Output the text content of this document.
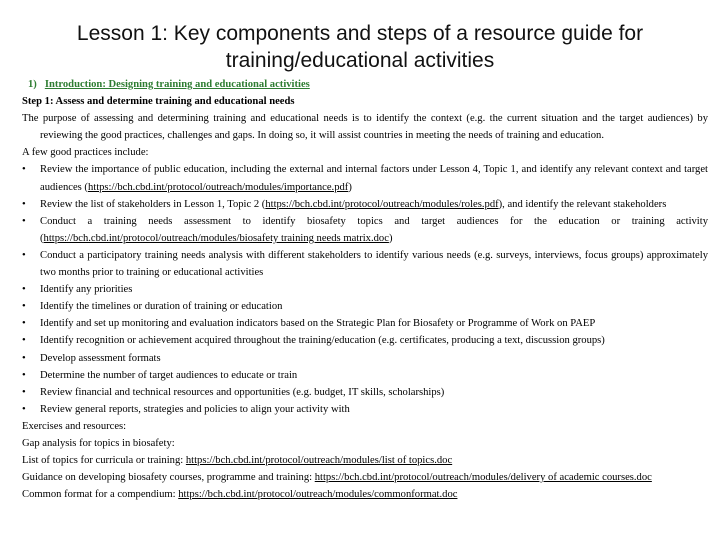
Lesson 1: Key components and steps of a resource guide for training/educational activities
1) Introduction: Designing training and educational activities

Step 1: Assess and determine training and educational needs

The purpose of assessing and determining training and educational needs is to identify the context (e.g. the current situation and the target audiences) by reviewing the good practices, challenges and gaps. In doing so, it will assist countries in meeting the needs of training and education.

A few good practices include:

•	Review the importance of public education, including the external and internal factors under Lesson 4, Topic 1, and identify any relevant context and target audiences (https://bch.cbd.int/protocol/outreach/modules/importance.pdf)
•	Review the list of stakeholders in Lesson 1, Topic 2 (https://bch.cbd.int/protocol/outreach/modules/roles.pdf), and identify the relevant stakeholders
•	Conduct a training needs assessment to identify biosafety topics and target audiences for the education or training activity (https://bch.cbd.int/protocol/outreach/modules/biosafety training needs matrix.doc)
•	Conduct a participatory training needs analysis with different stakeholders to identify various needs (e.g. surveys, interviews, focus groups) approximately two months prior to training or educational activities
•	Identify any priorities
•	Identify the timelines or duration of training or education
•	Identify and set up monitoring and evaluation indicators based on the Strategic Plan for Biosafety or Programme of Work on PAEP
•	Identify recognition or achievement acquired throughout the training/education (e.g. certificates, producing a text, discussion groups)
•	Develop assessment formats
•	Determine the number of target audiences to educate or train
•	Review financial and technical resources and opportunities (e.g. budget, IT skills, scholarships)
•	Review general reports, strategies and policies to align your activity with

Exercises and resources:

Gap analysis for topics in biosafety:

List of topics for curricula or training: https://bch.cbd.int/protocol/outreach/modules/list of topics.doc

Guidance on developing biosafety courses, programme and training: https://bch.cbd.int/protocol/outreach/modules/delivery of academic courses.doc

Common format for a compendium: https://bch.cbd.int/protocol/outreach/modules/commonformat.doc
